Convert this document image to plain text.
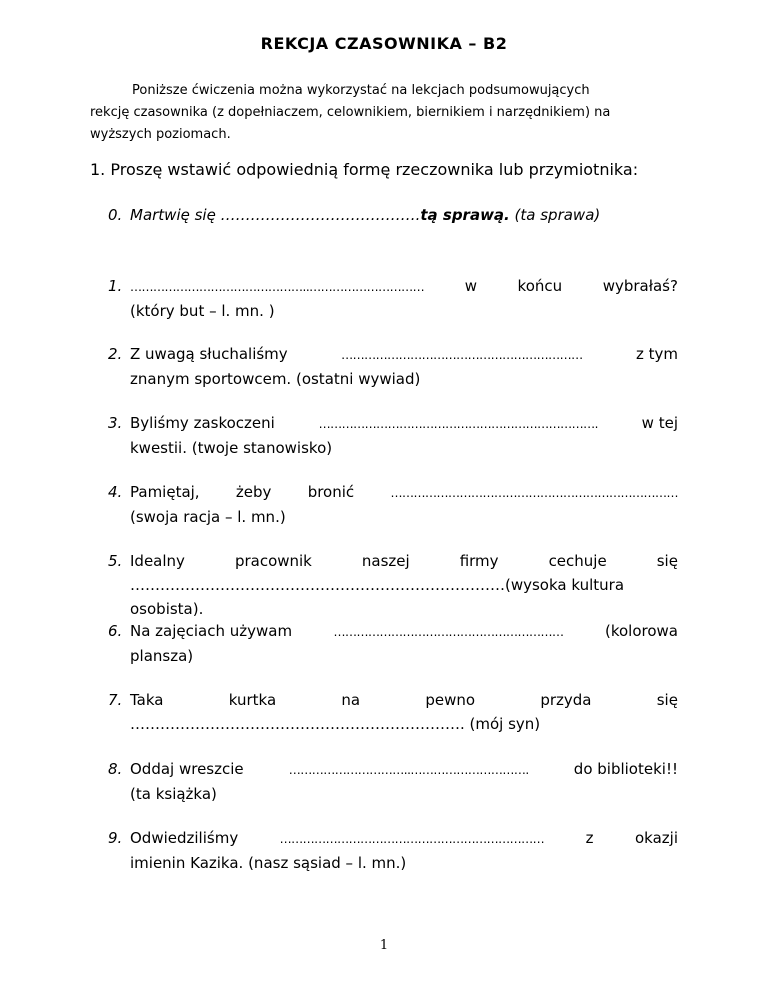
REKCJA CZASOWNIKA – B2
Poniższe ćwiczenia można wykorzystać na lekcjach podsumowujących
rekcję czasownika (z dopełniaczem, celownikiem, biernikiem i narzędnikiem) na
wyższych poziomach.
1. Proszę wstawić odpowiednią formę rzeczownika lub przymiotnika:
0. Martwię się ………………………………….tą sprawą. (ta sprawa)
1. ………………………………………..…………………………	w	końcu	wybrałaś?
(który but – l. mn. )
2. Z uwagą słuchaliśmy	………………………………………………………	z tym
znanym sportowcem. (ostatni wywiad)
3. Byliśmy zaskoczeni	……………………………………………………………….	w tej
kwestii. (twoje stanowisko)
4. Pamiętaj, żeby bronić	…………………………………………………………………
(swoja racja – l. mn.)
5. Idealny	pracownik	naszej	firmy	cechuje	się
…………………………………………………………………(wysoka kultura osobista).
6. Na zajęciach używam	……………………………………………………	(kolorowa
plansza)
7. Taka	kurtka	na	pewno	przyda	się
…………………………………………………………. (mój syn)
8. Oddaj wreszcie	…………………………..………………………….	do biblioteki!!
(ta książka)
9. Odwiedziliśmy	……………………………………………………………	z	okazji
imienin Kazika. (nasz sąsiad – l. mn.)
1
